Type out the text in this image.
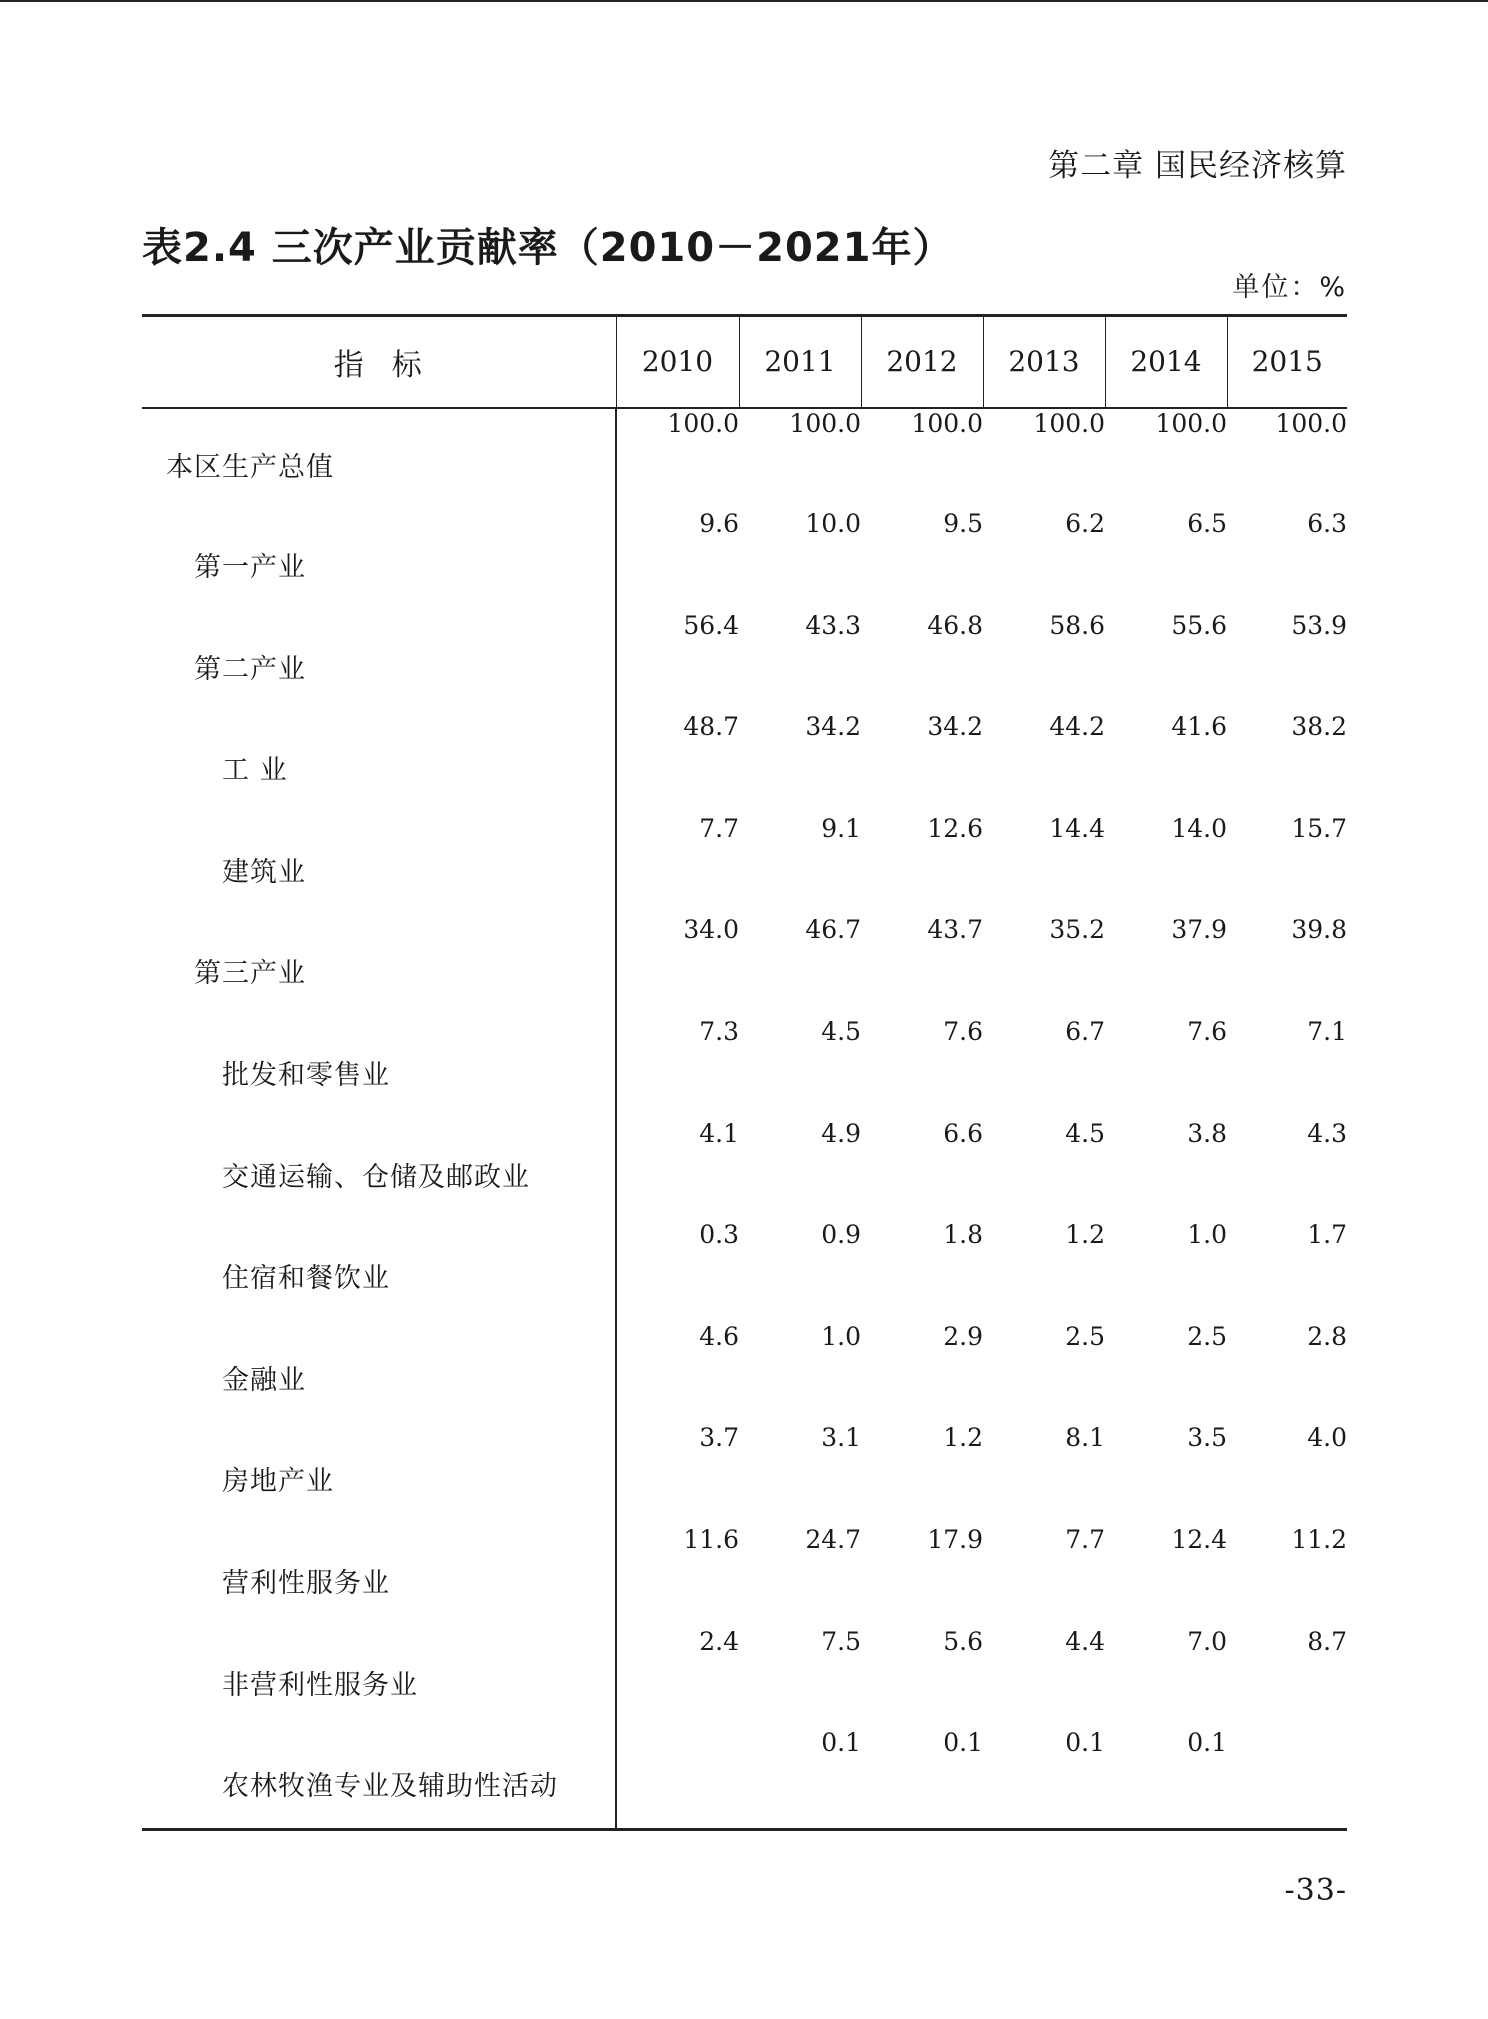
第二章 国民经济核算
表2.4 三次产业贡献率（2010－2021年）
单位：%
指标	2010	2011	2012	2013	2014	2015
本区生产总值	100.0	100.0	100.0	100.0	100.0	100.0
第一产业	9.6	10.0	9.5	6.2	6.5	6.3
第二产业	56.4	43.3	46.8	58.6	55.6	53.9
工 业	48.7	34.2	34.2	44.2	41.6	38.2
建筑业	7.7	9.1	12.6	14.4	14.0	15.7
第三产业	34.0	46.7	43.7	35.2	37.9	39.8
批发和零售业	7.3	4.5	7.6	6.7	7.6	7.1
交通运输、仓储及邮政业	4.1	4.9	6.6	4.5	3.8	4.3
住宿和餐饮业	0.3	0.9	1.8	1.2	1.0	1.7
金融业	4.6	1.0	2.9	2.5	2.5	2.8
房地产业	3.7	3.1	1.2	8.1	3.5	4.0
营利性服务业	11.6	24.7	17.9	7.7	12.4	11.2
非营利性服务业	2.4	7.5	5.6	4.4	7.0	8.7
农林牧渔专业及辅助性活动		0.1	0.1	0.1	0.1	
-33-
